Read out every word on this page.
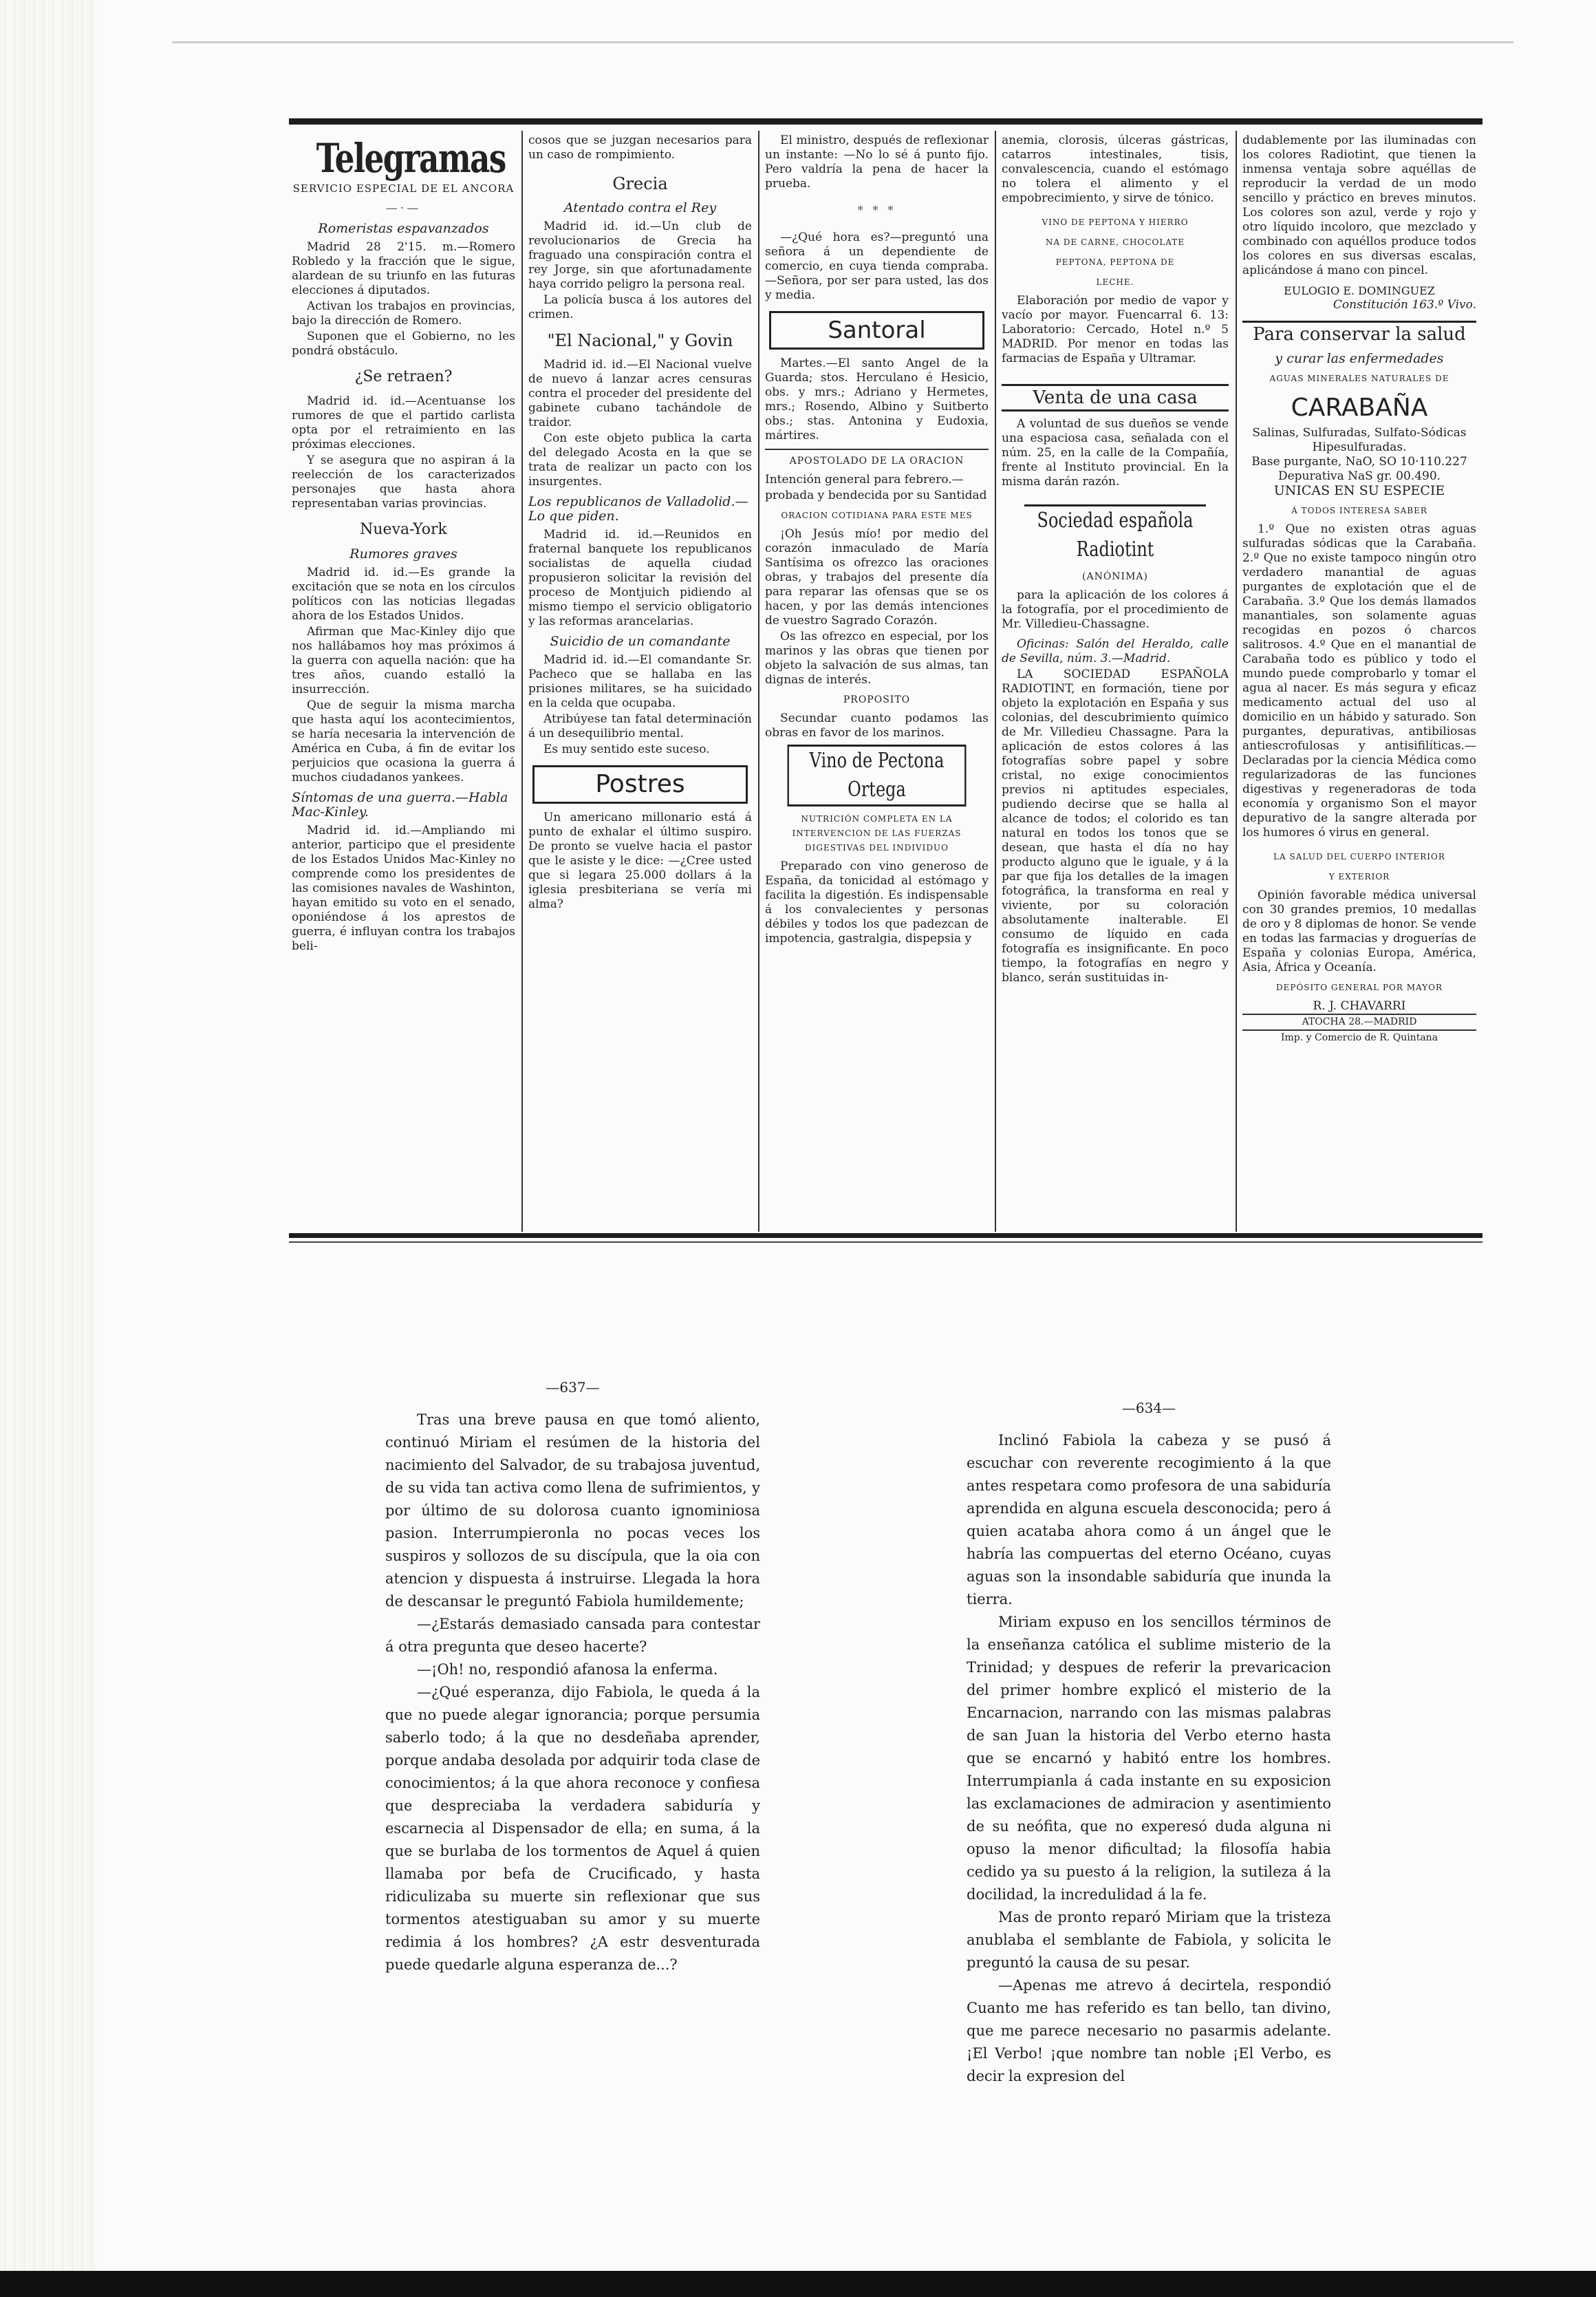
Telegramas
SERVICIO ESPECIAL DE EL ANCORA
—·—
Romeristas espavanzados

Madrid 28 2'15. m.—Romero Robledo y la fracción que le sigue, alardean de su triunfo en las futuras elecciones á diputados.

Activan los trabajos en provincias, bajo la dirección de Romero.

Suponen que el Gobierno, no les pondrá obstáculo.

¿Se retraen?

Madrid id. id.—Acentuanse los rumores de que el partido carlista opta por el retraimiento en las próximas elecciones.

Y se asegura que no aspiran á la reelección de los caracterizados personajes que hasta ahora representaban varias provincias.

Nueva-York
Rumores graves

Madrid id. id.—Es grande la excitación que se nota en los círculos políticos con las noticias llegadas ahora de los Estados Unidos.

Afirman que Mac-Kinley dijo que nos hallábamos hoy mas próximos á la guerra con aquella nación: que ha tres años, cuando estalló la insurrección.

Que de seguir la misma marcha que hasta aquí los acontecimientos, se haría necesaria la intervención de América en Cuba, á fin de evitar los perjuicios que ocasiona la guerra á muchos ciudadanos yankees.

Síntomas de una guerra.—Habla Mac-Kinley.

Madrid id. id.—Ampliando mi anterior, participo que el presidente de los Estados Unidos Mac-Kinley no comprende como los presidentes de las comisiones navales de Washinton, hayan emitido su voto en el senado, oponiéndose á los aprestos de guerra, é influyan contra los trabajos beli-

cosos que se juzgan necesarios para un caso de rompimiento.

Grecia
Atentado contra el Rey

Madrid id. id.—Un club de revolucionarios de Grecia ha fraguado una conspiración contra el rey Jorge, sin que afortunadamente haya corrido peligro la persona real.

La policía busca á los autores del crimen.

"El Nacional," y Govin

Madrid id. id.—El Nacional vuelve de nuevo á lanzar acres censuras contra el proceder del presidente del gabinete cubano tachándole de traidor.

Con este objeto publica la carta del delegado Acosta en la que se trata de realizar un pacto con los insurgentes.

Los republicanos de Valladolid.—Lo que piden.

Madrid id. id.—Reunidos en fraternal banquete los republicanos socialistas de aquella ciudad propusieron solicitar la revisión del proceso de Montjuich pidiendo al mismo tiempo el servicio obligatorio y las reformas arancelarias.

Suicidio de un comandante

Madrid id. id.—El comandante Sr. Pacheco que se hallaba en las prisiones militares, se ha suicidado en la celda que ocupaba.

Atribúyese tan fatal determinación á un desequilibrio mental.

Es muy sentido este suceso.

Postres

Un americano millonario está á punto de exhalar el último suspiro. De pronto se vuelve hacia el pastor que le asiste y le dice: —¿Cree usted que si legara 25.000 dollars á la iglesia presbiteriana se vería mi alma?

El ministro, después de reflexionar un instante: —No lo sé á punto fijo. Pero valdría la pena de hacer la prueba.

* * *

—¿Qué hora es?—preguntó una señora á un dependiente de comercio, en cuya tienda compraba. —Señora, por ser para usted, las dos y media.

Santoral

Martes.—El santo Angel de la Guarda; stos. Herculano é Hesicio, obs. y mrs.; Adriano y Hermetes, mrs.; Rosendo, Albino y Suitberto obs.; stas. Antonina y Eudoxia, mártires.

APOSTOLADO DE LA ORACION

Intención general para febrero.—

probada y bendecida por su Santidad

ORACION COTIDIANA PARA ESTE MES

¡Oh Jesús mío! por medio del corazón inmaculado de María Santísima os ofrezco las oraciones obras, y trabajos del presente día para reparar las ofensas que se os hacen, y por las demás intenciones de vuestro Sagrado Corazón.

Os las ofrezco en especial, por los marinos y las obras que tienen por objeto la salvación de sus almas, tan dignas de interés.

PROPOSITO

Secundar cuanto podamos las obras en favor de los marinos.

Vino de Pectona Ortega
NUTRICIÓN COMPLETA EN LA INTERVENCION DE LAS FUERZAS DIGESTIVAS DEL INDIVIDUO

Preparado con vino generoso de España, da tonicidad al estómago y facilita la digestión. Es indispensable á los convalecientes y personas débiles y todos los que padezcan de impotencia, gastralgia, dispepsia y

anemia, clorosis, úlceras gástricas, catarros intestinales, tisis, convalescencia, cuando el estómago no tolera el alimento y el empobrecimiento, y sirve de tónico.

VINO DE PEPTONA Y HIERRO
NA DE CARNE, CHOCOLATE
PEPTONA, PEPTONA DE
LECHE.

Elaboración por medio de vapor y vacío por mayor. Fuencarral 6. 13: Laboratorio: Cercado, Hotel n.º 5 MADRID. Por menor en todas las farmacias de España y Ultramar.

Venta de una casa

A voluntad de sus dueños se vende una espaciosa casa, señalada con el núm. 25, en la calle de la Compañía, frente al Instituto provincial. En la misma darán razón.

Sociedad española Radiotint
(ANÓNIMA)

para la aplicación de los colores á la fotografía, por el procedimiento de Mr. Villedieu-Chassagne.

Oficinas: Salón del Heraldo, calle de Sevilla, núm. 3.—Madrid.

LA SOCIEDAD ESPAÑOLA RADIOTINT, en formación, tiene por objeto la explotación en España y sus colonias, del descubrimiento químico de Mr. Villedieu Chassagne. Para la aplicación de estos colores á las fotografías sobre papel y sobre cristal, no exige conocimientos previos ni aptitudes especiales, pudiendo decirse que se halla al alcance de todos; el colorido es tan natural en todos los tonos que se desean, que hasta el día no hay producto alguno que le iguale, y á la par que fija los detalles de la imagen fotográfica, la transforma en real y viviente, por su coloración absolutamente inalterable. El consumo de líquido en cada fotografía es insignificante. En poco tiempo, la fotografías en negro y blanco, serán sustituidas in-

dudablemente por las iluminadas con los colores Radiotint, que tienen la inmensa ventaja sobre aquéllas de reproducir la verdad de un modo sencillo y práctico en breves minutos. Los colores son azul, verde y rojo y otro líquido incoloro, que mezclado y combinado con aquéllos produce todos los colores en sus diversas escalas, aplicándose á mano con pincel.

EULOGIO E. DOMINGUEZ
Constitución 163.º Vivo.
Para conservar la salud
y curar las enfermedades
AGUAS MINERALES NATURALES DE
CARABAÑA
Salinas, Sulfuradas, Sulfato-Sódicas Hipesulfuradas.
Base purgante, NaO, SO 10·110.227
Depurativa NaS gr. 00.490.
UNICAS EN SU ESPECIE
Á TODOS INTERESA SABER

1.º Que no existen otras aguas sulfuradas sódicas que la Carabaña. 2.º Que no existe tampoco ningún otro verdadero manantial de aguas purgantes de explotación que el de Carabaña. 3.º Que los demás llamados manantiales, son solamente aguas recogidas en pozos ó charcos salitrosos. 4.º Que en el manantial de Carabaña todo es público y todo el mundo puede comprobarlo y tomar el agua al nacer. Es más segura y eficaz medicamento actual del uso al domicilio en un hábido y saturado. Son purgantes, depurativas, antibiliosas antiescrofulosas y antisifilíticas.—Declaradas por la ciencia Médica como regularizadoras de las funciones digestivas y regeneradoras de toda economía y organismo Son el mayor depurativo de la sangre alterada por los humores ó virus en general.

LA SALUD DEL CUERPO INTERIOR
Y EXTERIOR

Opinión favorable médica universal con 30 grandes premios, 10 medallas de oro y 8 diplomas de honor. Se vende en todas las farmacias y droguerías de España y colonias Europa, América, Asia, África y Oceanía.

DEPÓSITO GENERAL POR MAYOR
R. J. CHAVARRI
ATOCHA 28.—MADRID
Imp. y Comercio de R. Quintana
—637—

Tras una breve pausa en que tomó aliento, continuó Miriam el resúmen de la historia del nacimiento del Salvador, de su trabajosa juventud, de su vida tan activa como llena de sufrimientos, y por último de su dolorosa cuanto ignominiosa pasion. Interrumpieronla no pocas veces los suspiros y sollozos de su discípula, que la oia con atencion y dispuesta á instruirse. Llegada la hora de descansar le preguntó Fabiola humildemente;

—¿Estarás demasiado cansada para contestar á otra pregunta que deseo hacerte?

—¡Oh! no, respondió afanosa la enferma.

—¿Qué esperanza, dijo Fabiola, le queda á la que no puede alegar ignorancia; porque persumia saberlo todo; á la que no desdeñaba aprender, porque andaba desolada por adquirir toda clase de conocimientos; á la que ahora reconoce y confiesa que despreciaba la verdadera sabiduría y escarnecia al Dispensador de ella; en suma, á la que se burlaba de los tormentos de Aquel á quien llamaba por befa de Crucificado, y hasta ridiculizaba su muerte sin reflexionar que sus tormentos atestiguaban su amor y su muerte redimia á los hombres? ¿A estr desventurada puede quedarle alguna esperanza de...?

—634—

Inclinó Fabiola la cabeza y se pusó á escuchar con reverente recogimiento á la que antes respetara como profesora de una sabiduría aprendida en alguna escuela desconocida; pero á quien acataba ahora como á un ángel que le habría las compuertas del eterno Océano, cuyas aguas son la insondable sabiduría que inunda la tierra.

Miriam expuso en los sencillos términos de la enseñanza católica el sublime misterio de la Trinidad; y despues de referir la prevaricacion del primer hombre explicó el misterio de la Encarnacion, narrando con las mismas palabras de san Juan la historia del Verbo eterno hasta que se encarnó y habitó entre los hombres. Interrumpianla á cada instante en su exposicion las exclamaciones de admiracion y asentimiento de su neófita, que no experesó duda alguna ni opuso la menor dificultad; la filosofía habia cedido ya su puesto á la religion, la sutileza á la docilidad, la incredulidad á la fe.

Mas de pronto reparó Miriam que la tristeza anublaba el semblante de Fabiola, y solicita le preguntó la causa de su pesar.

—Apenas me atrevo á decirtela, respondió Cuanto me has referido es tan bello, tan divino, que me parece necesario no pasarmis adelante. ¡El Verbo! ¡que nombre tan noble ¡El Verbo, es decir la expresion del
